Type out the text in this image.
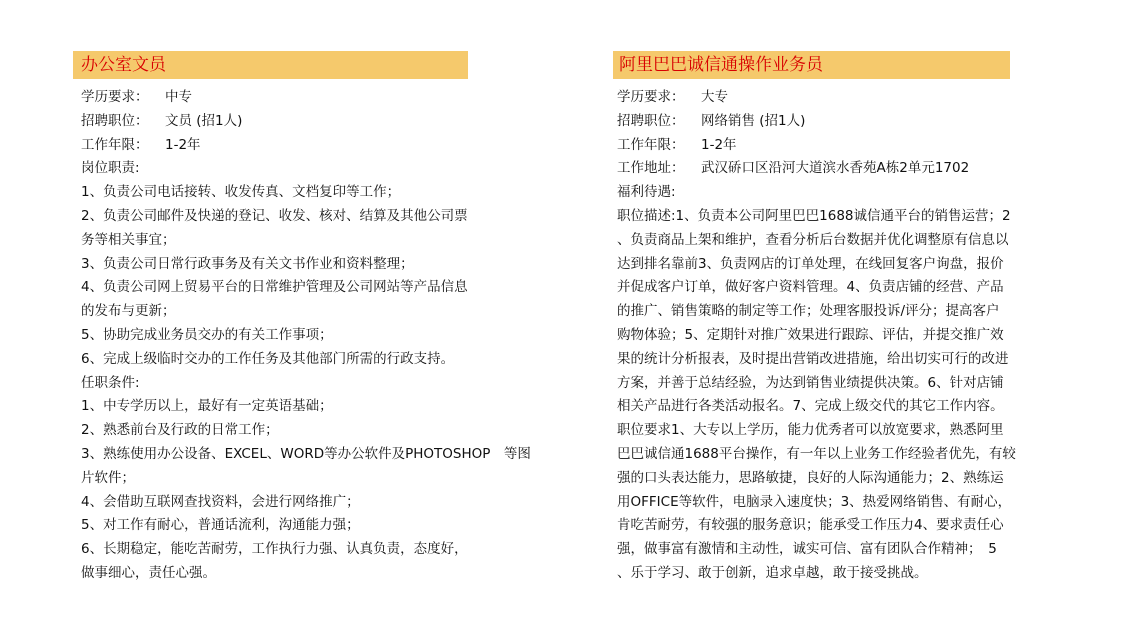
办公室文员
学历要求： 中专
招聘职位： 文员 (招1人)
工作年限： 1-2年
岗位职责:
1、负责公司电话接转、收发传真、文档复印等工作；
2、负责公司邮件及快递的登记、收发、核对、结算及其他公司票
务等相关事宜；
3、负责公司日常行政事务及有关文书作业和资料整理；
4、负责公司网上贸易平台的日常维护管理及公司网站等产品信息
的发布与更新；
5、协助完成业务员交办的有关工作事项；
6、完成上级临时交办的工作任务及其他部门所需的行政支持。
任职条件:
1、中专学历以上，最好有一定英语基础；
2、熟悉前台及行政的日常工作；
3、熟练使用办公设备、EXCEL、WORD等办公软件及PHOTOSHOP　等图
片软件；
4、会借助互联网查找资料，会进行网络推广；
5、对工作有耐心，普通话流利，沟通能力强；
6、长期稳定，能吃苦耐劳，工作执行力强、认真负责，态度好，
做事细心，责任心强。
阿里巴巴诚信通操作业务员
学历要求： 大专
招聘职位： 网络销售 (招1人)
工作年限： 1-2年
工作地址： 武汉硚口区沿河大道滨水香苑A栋2单元1702
福利待遇:
职位描述:1、负责本公司阿里巴巴1688诚信通平台的销售运营；2
、负责商品上架和维护，查看分析后台数据并优化调整原有信息以
达到排名靠前3、负责网店的订单处理，在线回复客户询盘，报价
并促成客户订单，做好客户资料管理。4、负责店铺的经营、产品
的推广、销售策略的制定等工作；处理客服投诉/评分；提高客户
购物体验；5、定期针对推广效果进行跟踪、评估，并提交推广效
果的统计分析报表，及时提出营销改进措施，给出切实可行的改进
方案，并善于总结经验，为达到销售业绩提供决策。6、针对店铺
相关产品进行各类活动报名。7、完成上级交代的其它工作内容。
职位要求1、大专以上学历，能力优秀者可以放宽要求，熟悉阿里
巴巴诚信通1688平台操作，有一年以上业务工作经验者优先，有较
强的口头表达能力，思路敏捷，良好的人际沟通能力；2、熟练运
用OFFICE等软件，电脑录入速度快；3、热爱网络销售、有耐心，
肯吃苦耐劳，有较强的服务意识；能承受工作压力4、要求责任心
强，做事富有激情和主动性，诚实可信、富有团队合作精神；　5
、乐于学习、敢于创新，追求卓越，敢于接受挑战。
